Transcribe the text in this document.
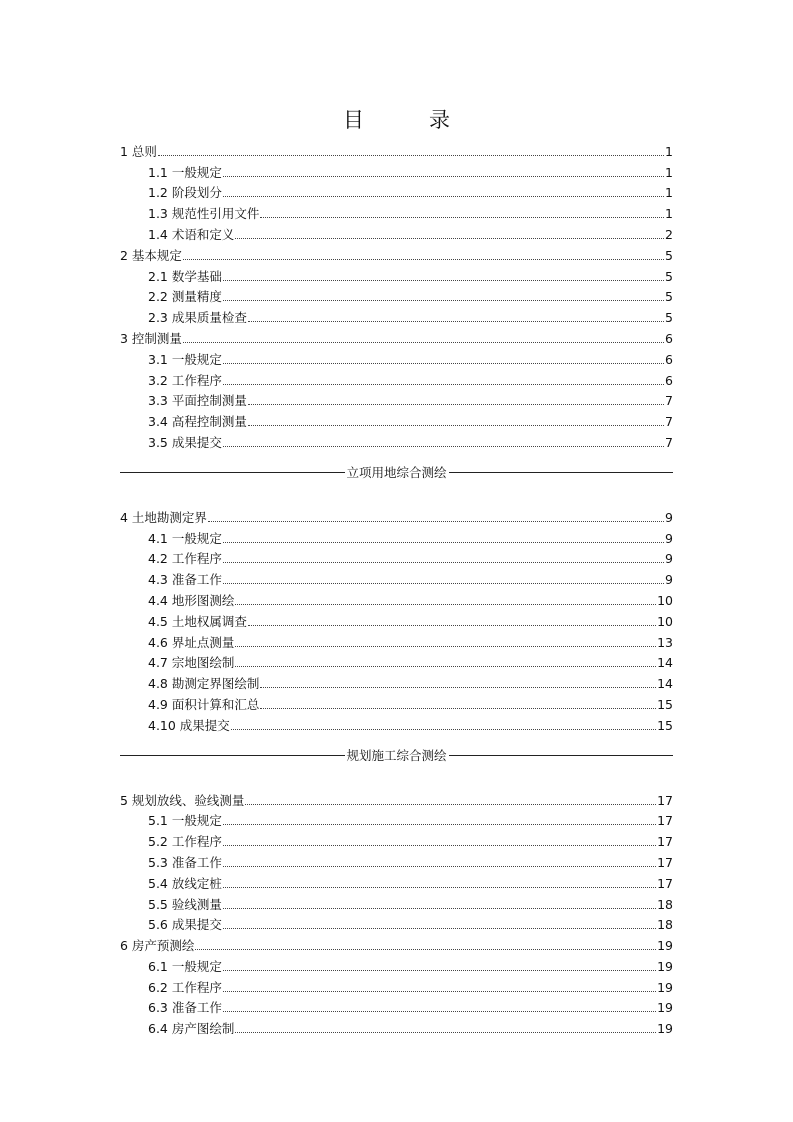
目　录
1 总则	1
1.1 一般规定	1
1.2 阶段划分	1
1.3 规范性引用文件	1
1.4 术语和定义	2
2 基本规定	5
2.1 数学基础	5
2.2 测量精度	5
2.3 成果质量检查	5
3 控制测量	6
3.1 一般规定	6
3.2 工作程序	6
3.3 平面控制测量	7
3.4 高程控制测量	7
3.5 成果提交	7
立项用地综合测绘
4 土地勘测定界	9
4.1 一般规定	9
4.2 工作程序	9
4.3 准备工作	9
4.4 地形图测绘	10
4.5 土地权属调查	10
4.6 界址点测量	13
4.7 宗地图绘制	14
4.8 勘测定界图绘制	14
4.9 面积计算和汇总	15
4.10 成果提交	15
规划施工综合测绘
5 规划放线、验线测量	17
5.1 一般规定	17
5.2 工作程序	17
5.3 准备工作	17
5.4 放线定桩	17
5.5 验线测量	18
5.6 成果提交	18
6 房产预测绘	19
6.1 一般规定	19
6.2 工作程序	19
6.3 准备工作	19
6.4 房产图绘制	19
